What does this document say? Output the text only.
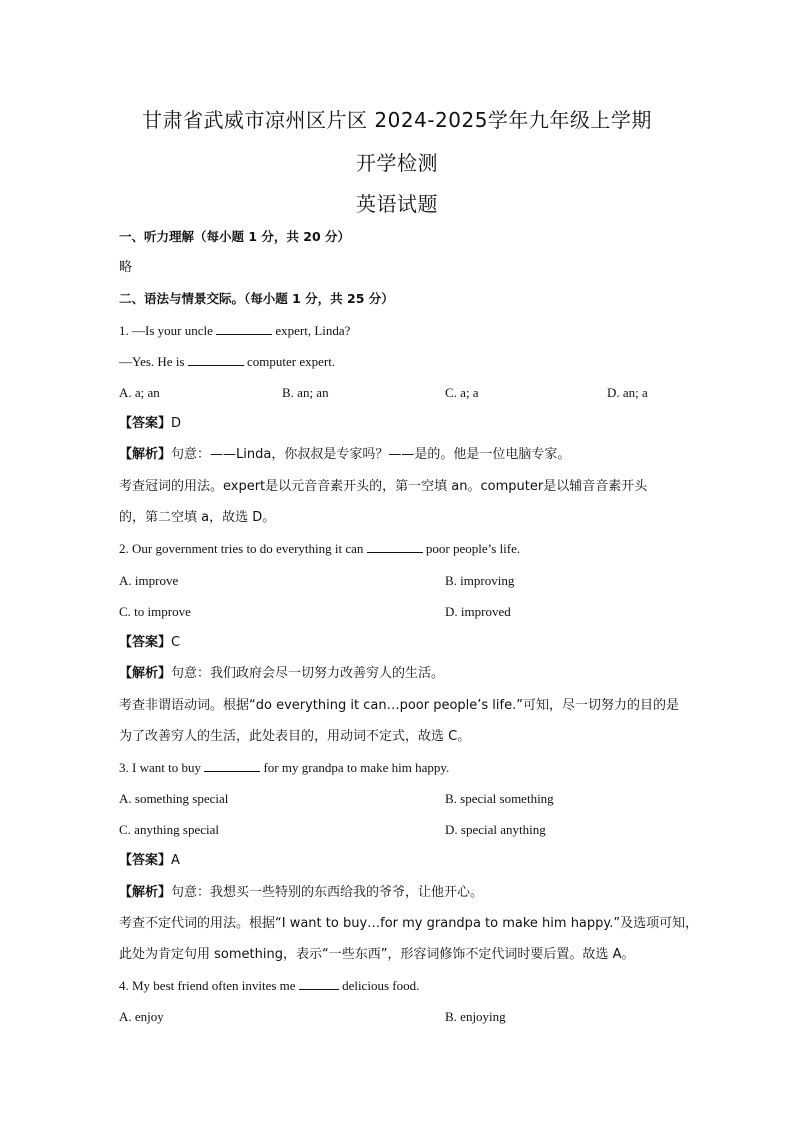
甘肃省武威市凉州区片区 2024-2025学年九年级上学期
开学检测
英语试题
一、听力理解（每小题 1 分，共 20 分）
略
二、语法与情景交际。（每小题 1 分，共 25 分）
1. —Is your uncle	expert, Linda?
—Yes. He is	computer expert.
A. a; an	B. an; an	C. a; a	D. an; a
【答案】D
【解析】句意：——Linda，你叔叔是专家吗？——是的。他是一位电脑专家。
考查冠词的用法。expert是以元音音素开头的，第一空填 an。computer是以辅音音素开头
的，第二空填 a，故选 D。
2. Our government tries to do everything it can	poor people’s life.
A. improve	B. improving
C. to improve	D. improved
【答案】C
【解析】句意：我们政府会尽一切努力改善穷人的生活。
考查非谓语动词。根据“do everything it can…poor people’s life.”可知，尽一切努力的目的是
为了改善穷人的生活，此处表目的，用动词不定式，故选 C。
3. I want to buy	for my grandpa to make him happy.
A. something special	B. special something
C. anything special	D. special anything
【答案】A
【解析】句意：我想买一些特别的东西给我的爷爷，让他开心。
考查不定代词的用法。根据“I want to buy…for my grandpa to make him happy.”及选项可知，
此处为肯定句用 something，表示“一些东西”，形容词修饰不定代词时要后置。故选 A。
4. My best friend often invites me	delicious food.
A. enjoy	B. enjoying
